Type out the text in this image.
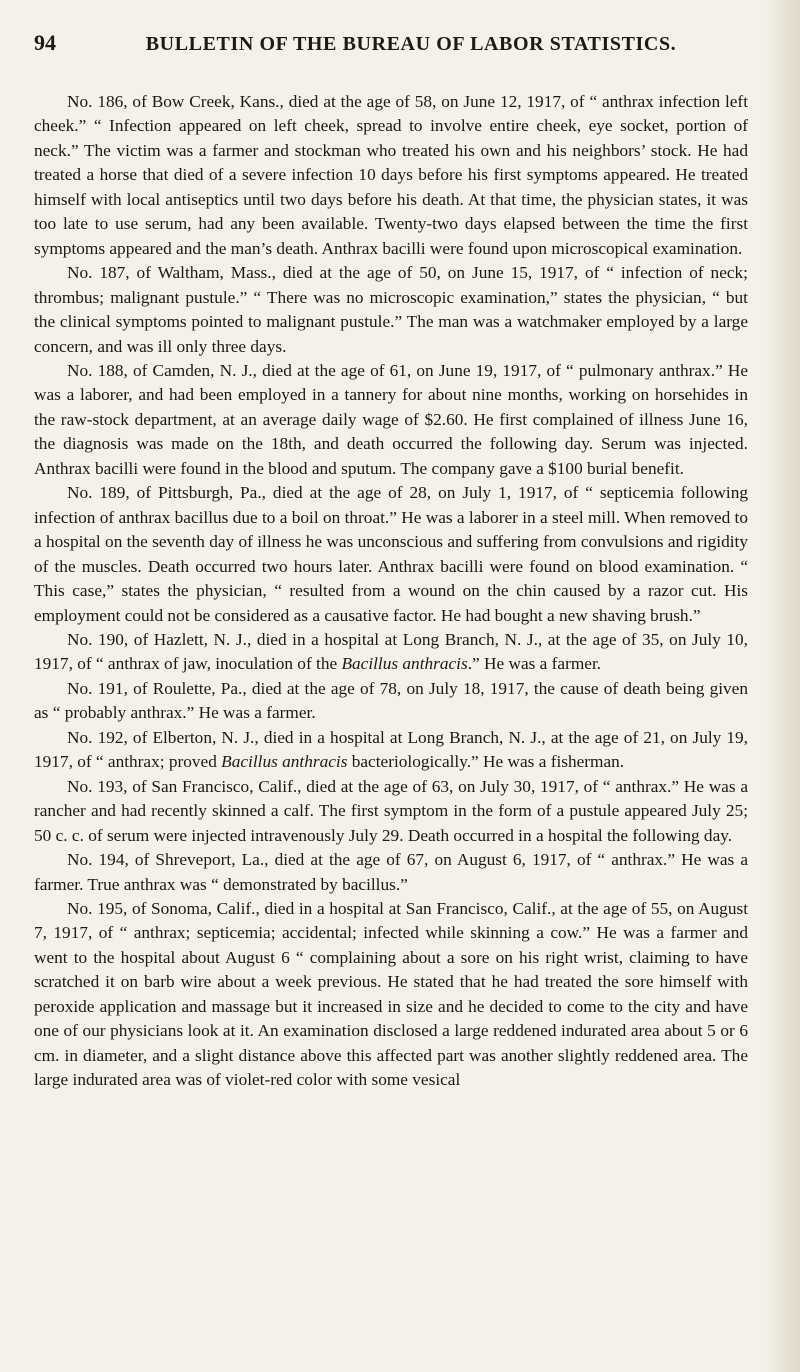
94	BULLETIN OF THE BUREAU OF LABOR STATISTICS.

No. 186, of Bow Creek, Kans., died at the age of 58, on June 12, 1917, of “ anthrax infection left cheek.” “ Infection appeared on left cheek, spread to involve entire cheek, eye socket, portion of neck.” The victim was a farmer and stockman who treated his own and his neighbors’ stock. He had treated a horse that died of a severe infection 10 days before his first symptoms appeared. He treated himself with local antiseptics until two days before his death. At that time, the physician states, it was too late to use serum, had any been available. Twenty-two days elapsed between the time the first symptoms appeared and the man’s death. Anthrax bacilli were found upon microscopical examination.

No. 187, of Waltham, Mass., died at the age of 50, on June 15, 1917, of “ infection of neck; thrombus; malignant pustule.” “ There was no microscopic examination,” states the physician, “ but the clinical symptoms pointed to malignant pustule.” The man was a watchmaker employed by a large concern, and was ill only three days.

No. 188, of Camden, N. J., died at the age of 61, on June 19, 1917, of “ pulmonary anthrax.” He was a laborer, and had been employed in a tannery for about nine months, working on horsehides in the raw-stock department, at an average daily wage of $2.60. He first complained of illness June 16, the diagnosis was made on the 18th, and death occurred the following day. Serum was injected. Anthrax bacilli were found in the blood and sputum. The company gave a $100 burial benefit.

No. 189, of Pittsburgh, Pa., died at the age of 28, on July 1, 1917, of “ septicemia following infection of anthrax bacillus due to a boil on throat.” He was a laborer in a steel mill. When removed to a hospital on the seventh day of illness he was unconscious and suffering from convulsions and rigidity of the muscles. Death occurred two hours later. Anthrax bacilli were found on blood examination. “ This case,” states the physician, “ resulted from a wound on the chin caused by a razor cut. His employment could not be considered as a causative factor. He had bought a new shaving brush.”

No. 190, of Hazlett, N. J., died in a hospital at Long Branch, N. J., at the age of 35, on July 10, 1917, of “ anthrax of jaw, inoculation of the Bacillus anthracis.” He was a farmer.

No. 191, of Roulette, Pa., died at the age of 78, on July 18, 1917, the cause of death being given as “ probably anthrax.” He was a farmer.

No. 192, of Elberton, N. J., died in a hospital at Long Branch, N. J., at the age of 21, on July 19, 1917, of “ anthrax; proved Bacillus anthracis bacteriologically.” He was a fisherman.

No. 193, of San Francisco, Calif., died at the age of 63, on July 30, 1917, of “ anthrax.” He was a rancher and had recently skinned a calf. The first symptom in the form of a pustule appeared July 25; 50 c. c. of serum were injected intravenously July 29. Death occurred in a hospital the following day.

No. 194, of Shreveport, La., died at the age of 67, on August 6, 1917, of “ anthrax.” He was a farmer. True anthrax was “ demonstrated by bacillus.”

No. 195, of Sonoma, Calif., died in a hospital at San Francisco, Calif., at the age of 55, on August 7, 1917, of “ anthrax; septicemia; accidental; infected while skinning a cow.” He was a farmer and went to the hospital about August 6 “ complaining about a sore on his right wrist, claiming to have scratched it on barb wire about a week previous. He stated that he had treated the sore himself with peroxide application and massage but it increased in size and he decided to come to the city and have one of our physicians look at it. An examination disclosed a large reddened indurated area about 5 or 6 cm. in diameter, and a slight distance above this affected part was another slightly reddened area. The large indurated area was of violet-red color with some vesical
